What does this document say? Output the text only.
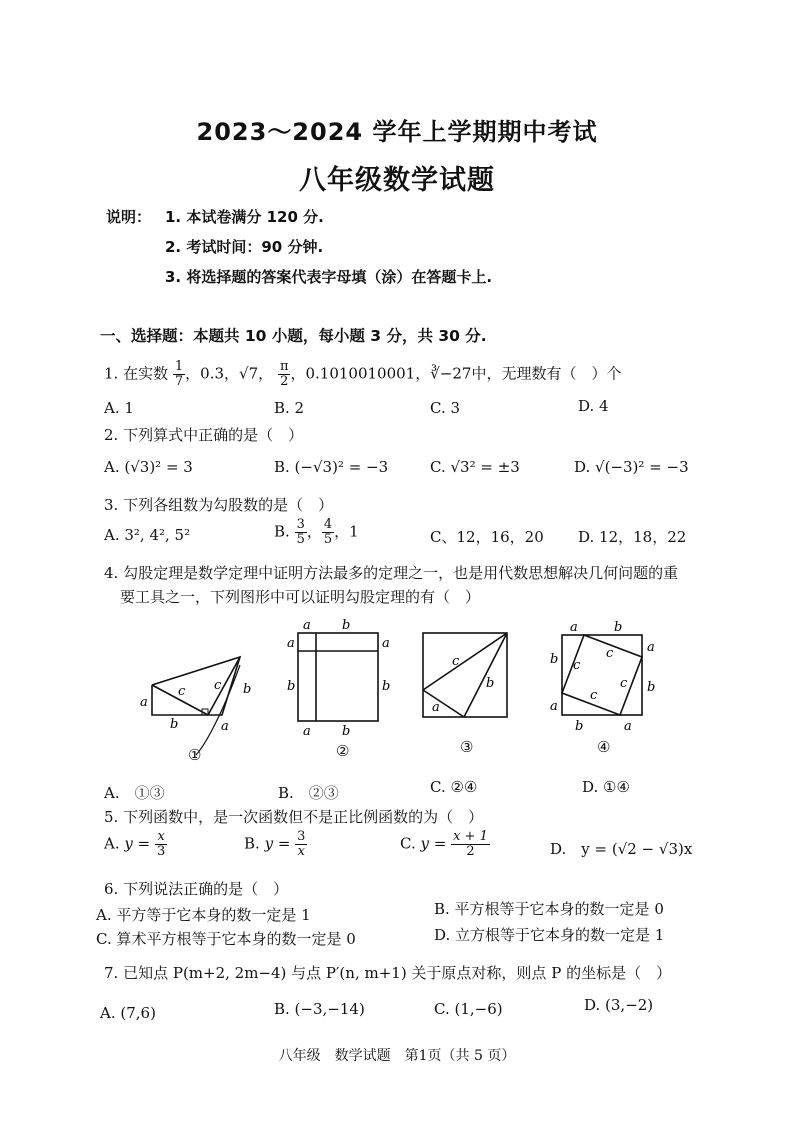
2023～2024 学年上学期期中考试
八年级数学试题
说明： 1. 本试卷满分 120 分.
2. 考试时间：90 分钟.
3. 将选择题的答案代表字母填（涂）在答题卡上.
一、选择题：本题共 10 小题，每小题 3 分，共 30 分.
1. 在实数 $\frac{1}{7}$ ，0.3，√7， $\frac{\pi}{2}$ ，0.1010010001，∛−27中，无理数有（　）个
A. 1	B. 2	C. 3	D. 4
2. 下列算式中正确的是（　）
A. (√3)² = 3	B. (−√3)² = −3	C. √3² = ±3	D. √(−3)² = −3
3. 下列各组数为勾股数的是（　）
A. 3², 4², 5²	B. $\frac{3}{5}$ ， $\frac{4}{5}$ ，1	C、12，16，20 D. 12，18，22
4. 勾股定理是数学定理中证明方法最多的定理之一，也是用代数思想解决几何问题的重
要工具之一，下列图形中可以证明勾股定理的有（　）
a
b
c c b
a
a b
a	a
b	b
a b
c
b
a
a	b
b
a
a
b
b	a
c
c
c
c
①	②	③	④
A.　①③	B.　②③	C. ②④	D. ①④
5. 下列函数中，是一次函数但不是正比例函数的为（　）
A. $y = \frac{x}{3}$	B. $y = \frac{3}{x}$	C. $y = \frac{x + 1}{2}$	D.　y = (√2 − √3)x
6. 下列说法正确的是（　）
A. 平方等于它本身的数一定是 1	B. 平方根等于它本身的数一定是 0
C. 算术平方根等于它本身的数一定是 0	D. 立方根等于它本身的数一定是 1
7. 已知点 P(m+2, 2m−4) 与点 P′(n, m+1) 关于原点对称，则点 P 的坐标是（　）
A. (7,6)	B. (−3,−14)	C. (1,−6)	D. (3,−2)
八年级　数学试题　第1页（共 5 页）
